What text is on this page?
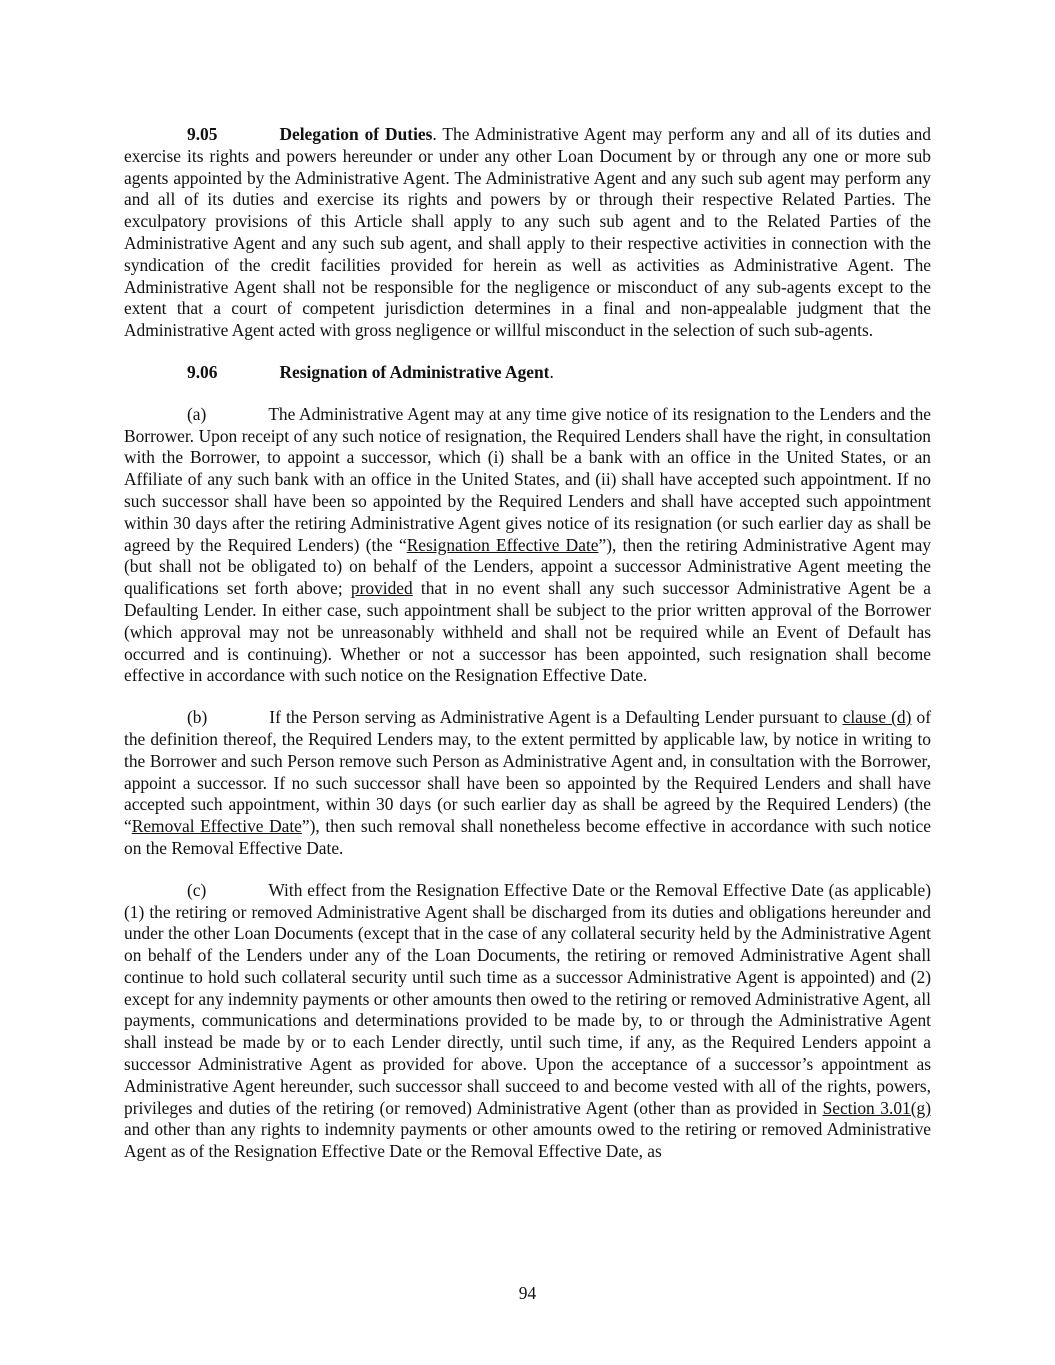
9.05	Delegation of Duties. The Administrative Agent may perform any and all of its duties and exercise its rights and powers hereunder or under any other Loan Document by or through any one or more sub agents appointed by the Administrative Agent. The Administrative Agent and any such sub agent may perform any and all of its duties and exercise its rights and powers by or through their respective Related Parties. The exculpatory provisions of this Article shall apply to any such sub agent and to the Related Parties of the Administrative Agent and any such sub agent, and shall apply to their respective activities in connection with the syndication of the credit facilities provided for herein as well as activities as Administrative Agent. The Administrative Agent shall not be responsible for the negligence or misconduct of any sub-agents except to the extent that a court of competent jurisdiction determines in a final and non-appealable judgment that the Administrative Agent acted with gross negligence or willful misconduct in the selection of such sub-agents.

9.06	Resignation of Administrative Agent.

(a)	The Administrative Agent may at any time give notice of its resignation to the Lenders and the Borrower. Upon receipt of any such notice of resignation, the Required Lenders shall have the right, in consultation with the Borrower, to appoint a successor, which (i) shall be a bank with an office in the United States, or an Affiliate of any such bank with an office in the United States, and (ii) shall have accepted such appointment. If no such successor shall have been so appointed by the Required Lenders and shall have accepted such appointment within 30 days after the retiring Administrative Agent gives notice of its resignation (or such earlier day as shall be agreed by the Required Lenders) (the “Resignation Effective Date”), then the retiring Administrative Agent may (but shall not be obligated to) on behalf of the Lenders, appoint a successor Administrative Agent meeting the qualifications set forth above; provided that in no event shall any such successor Administrative Agent be a Defaulting Lender. In either case, such appointment shall be subject to the prior written approval of the Borrower (which approval may not be unreasonably withheld and shall not be required while an Event of Default has occurred and is continuing). Whether or not a successor has been appointed, such resignation shall become effective in accordance with such notice on the Resignation Effective Date.

(b)	If the Person serving as Administrative Agent is a Defaulting Lender pursuant to clause (d) of the definition thereof, the Required Lenders may, to the extent permitted by applicable law, by notice in writing to the Borrower and such Person remove such Person as Administrative Agent and, in consultation with the Borrower, appoint a successor. If no such successor shall have been so appointed by the Required Lenders and shall have accepted such appointment, within 30 days (or such earlier day as shall be agreed by the Required Lenders) (the “Removal Effective Date”), then such removal shall nonetheless become effective in accordance with such notice on the Removal Effective Date.

(c)	With effect from the Resignation Effective Date or the Removal Effective Date (as applicable) (1) the retiring or removed Administrative Agent shall be discharged from its duties and obligations hereunder and under the other Loan Documents (except that in the case of any collateral security held by the Administrative Agent on behalf of the Lenders under any of the Loan Documents, the retiring or removed Administrative Agent shall continue to hold such collateral security until such time as a successor Administrative Agent is appointed) and (2) except for any indemnity payments or other amounts then owed to the retiring or removed Administrative Agent, all payments, communications and determinations provided to be made by, to or through the Administrative Agent shall instead be made by or to each Lender directly, until such time, if any, as the Required Lenders appoint a successor Administrative Agent as provided for above. Upon the acceptance of a successor’s appointment as Administrative Agent hereunder, such successor shall succeed to and become vested with all of the rights, powers, privileges and duties of the retiring (or removed) Administrative Agent (other than as provided in Section 3.01(g) and other than any rights to indemnity payments or other amounts owed to the retiring or removed Administrative Agent as of the Resignation Effective Date or the Removal Effective Date, as

94
